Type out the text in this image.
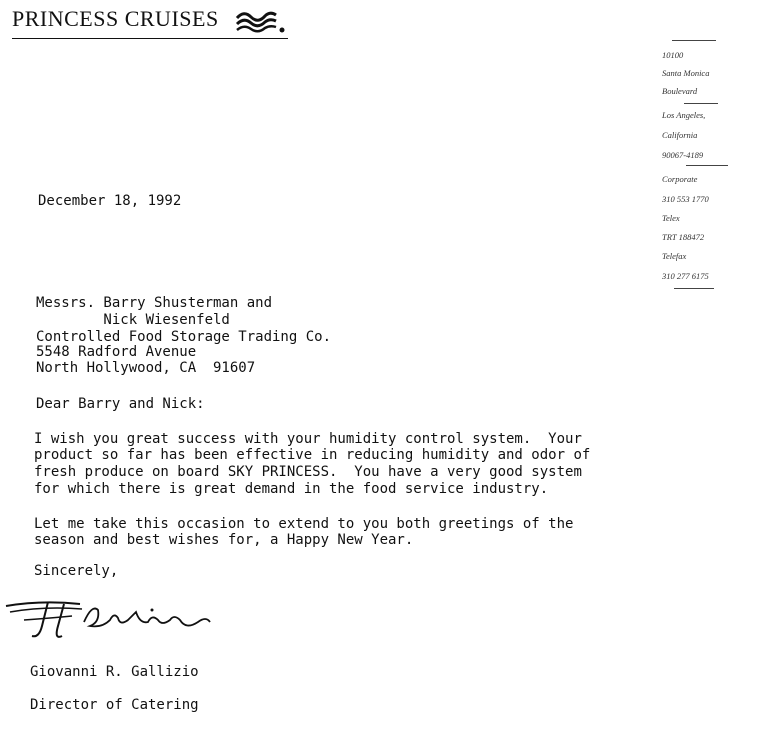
PRINCESS CRUISES
10100
Santa Monica
Boulevard
Los Angeles,
California
90067-4189
Corporate
310 553 1770
Telex
TRT 188472
Telefax
310 277 6175

December 18, 1992

Messrs. Barry Shusterman and

Nick Wiesenfeld

Controlled Food Storage Trading Co.

5548 Radford Avenue

North Hollywood, CA  91607

Dear Barry and Nick:

I wish you great success with your humidity control system.  Your

product so far has been effective in reducing humidity and odor of

fresh produce on board SKY PRINCESS.  You have a very good system

for which there is great demand in the food service industry.

Let me take this occasion to extend to you both greetings of the

season and best wishes for, a Happy New Year.

Sincerely,

Giovanni R. Gallizio

Director of Catering
